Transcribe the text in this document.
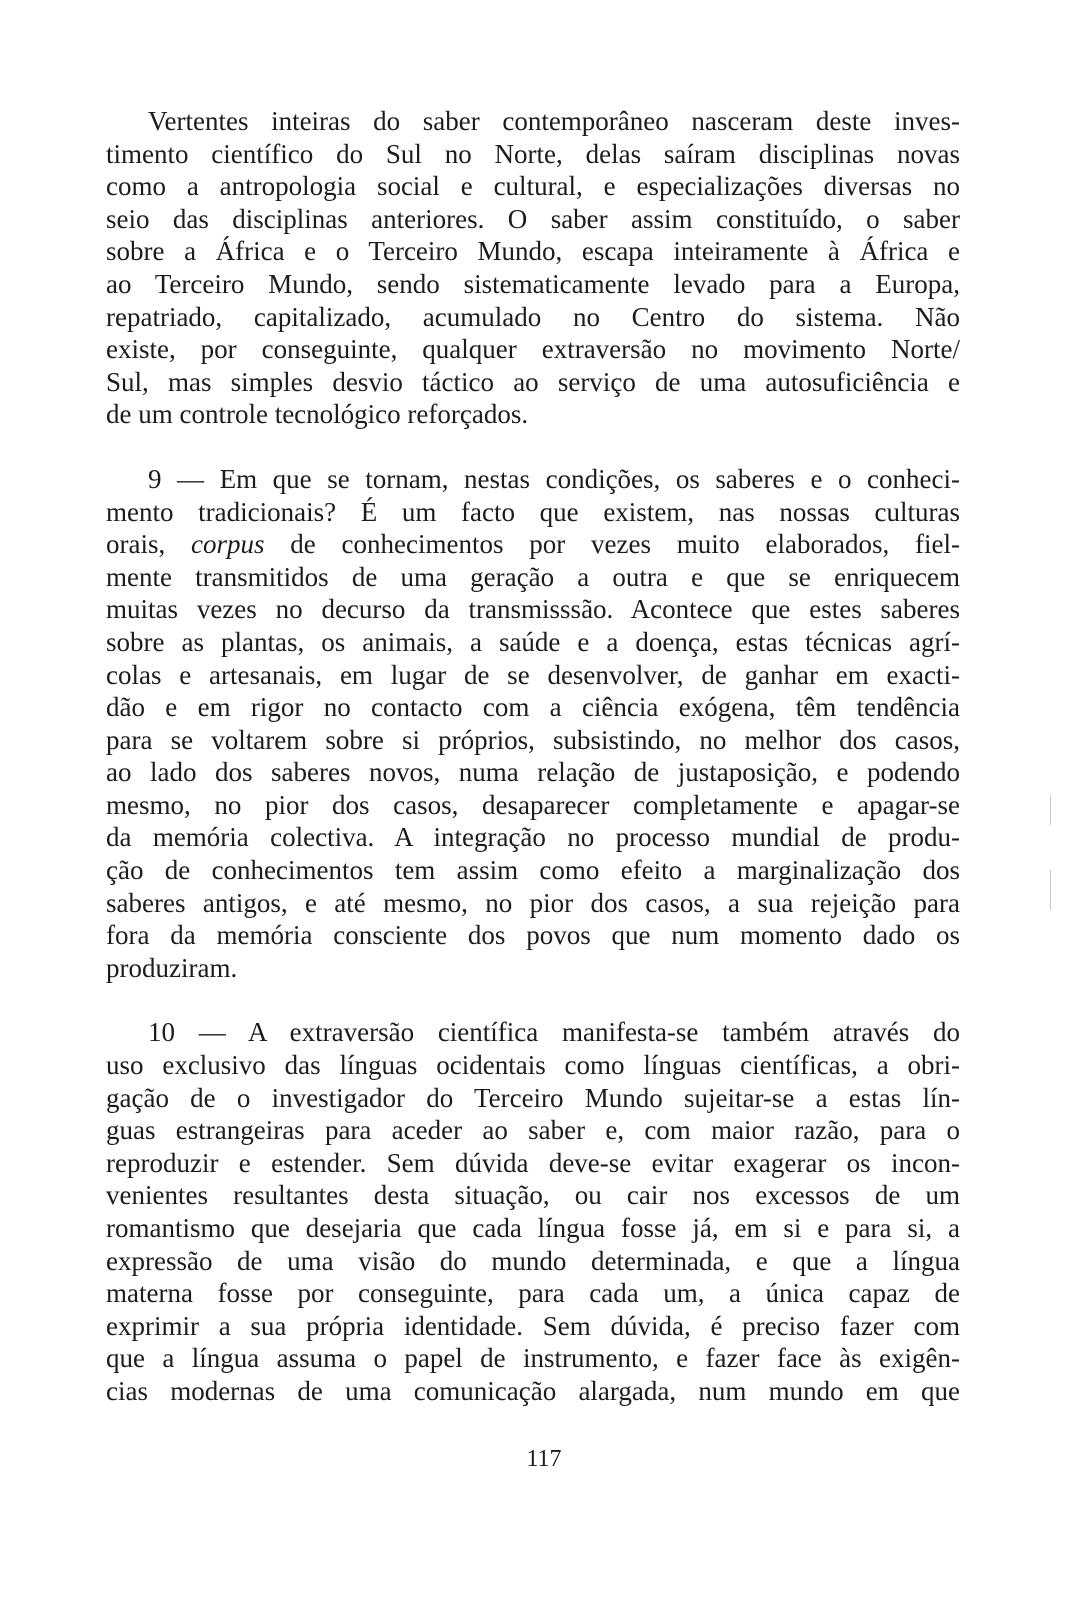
Vertentes inteiras do saber contemporâneo nasceram deste inves-
timento científico do Sul no Norte, delas saíram disciplinas novas
como a antropologia social e cultural, e especializações diversas no
seio das disciplinas anteriores. O saber assim constituído, o saber
sobre a África e o Terceiro Mundo, escapa inteiramente à África e
ao Terceiro Mundo, sendo sistematicamente levado para a Europa,
repatriado, capitalizado, acumulado no Centro do sistema. Não
existe, por conseguinte, qualquer extraversão no movimento Norte/
Sul, mas simples desvio táctico ao serviço de uma autosuficiência e
de um controle tecnológico reforçados.
9 — Em que se tornam, nestas condições, os saberes e o conheci-
mento tradicionais? É um facto que existem, nas nossas culturas
orais, corpus de conhecimentos por vezes muito elaborados, fiel-
mente transmitidos de uma geração a outra e que se enriquecem
muitas vezes no decurso da transmisssão. Acontece que estes saberes
sobre as plantas, os animais, a saúde e a doença, estas técnicas agrí-
colas e artesanais, em lugar de se desenvolver, de ganhar em exacti-
dão e em rigor no contacto com a ciência exógena, têm tendência
para se voltarem sobre si próprios, subsistindo, no melhor dos casos,
ao lado dos saberes novos, numa relação de justaposição, e podendo
mesmo, no pior dos casos, desaparecer completamente e apagar-se
da memória colectiva. A integração no processo mundial de produ-
ção de conhecimentos tem assim como efeito a marginalização dos
saberes antigos, e até mesmo, no pior dos casos, a sua rejeição para
fora da memória consciente dos povos que num momento dado os
produziram.
10 — A extraversão científica manifesta-se também através do
uso exclusivo das línguas ocidentais como línguas científicas, a obri-
gação de o investigador do Terceiro Mundo sujeitar-se a estas lín-
guas estrangeiras para aceder ao saber e, com maior razão, para o
reproduzir e estender. Sem dúvida deve-se evitar exagerar os incon-
venientes resultantes desta situação, ou cair nos excessos de um
romantismo que desejaria que cada língua fosse já, em si e para si, a
expressão de uma visão do mundo determinada, e que a língua
materna fosse por conseguinte, para cada um, a única capaz de
exprimir a sua própria identidade. Sem dúvida, é preciso fazer com
que a língua assuma o papel de instrumento, e fazer face às exigên-
cias modernas de uma comunicação alargada, num mundo em que
117
